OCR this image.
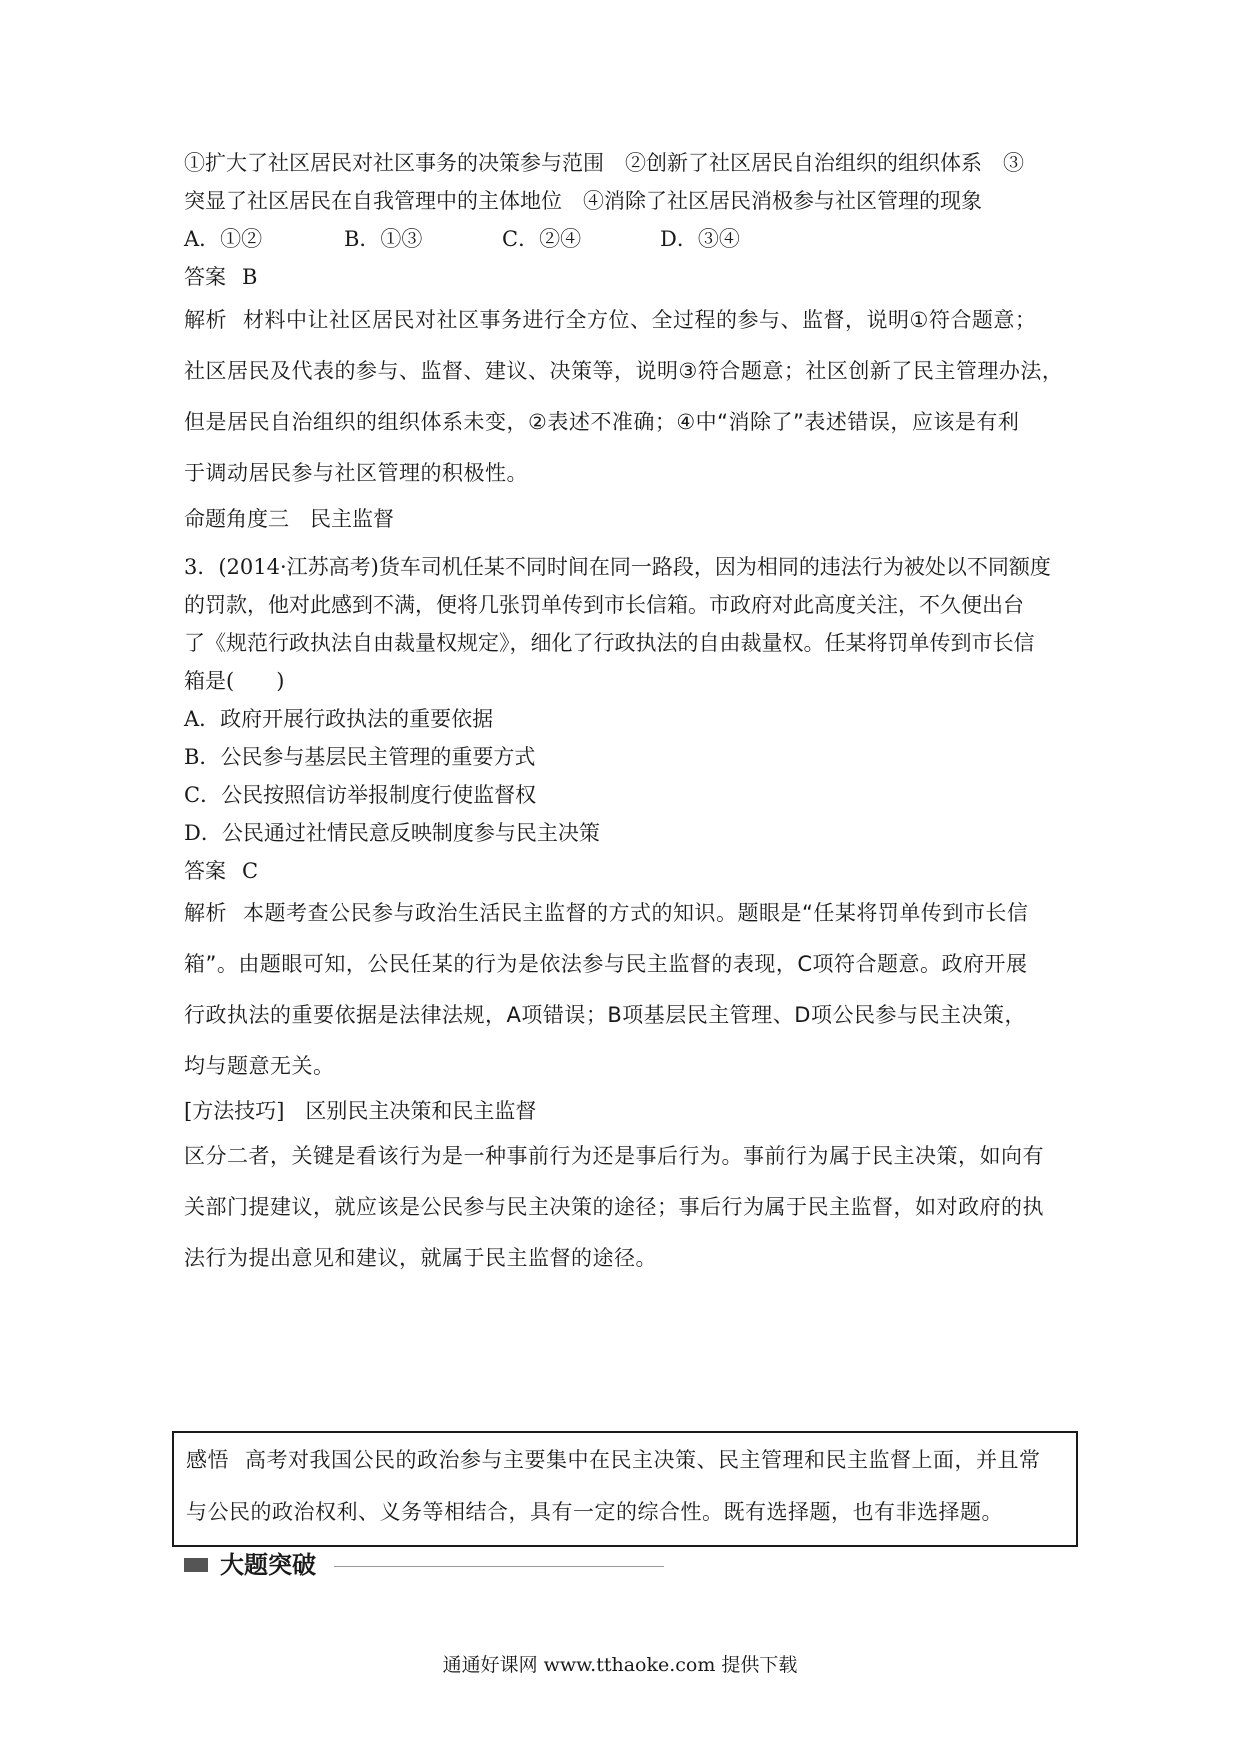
①扩大了社区居民对社区事务的决策参与范围　②创新了社区居民自治组织的组织体系　③
突显了社区居民在自我管理中的主体地位　④消除了社区居民消极参与社区管理的现象
A．①②	B．①③	C．②④	D．③④
答案 B
解析 材料中让社区居民对社区事务进行全方位、全过程的参与、监督，说明①符合题意；
社区居民及代表的参与、监督、建议、决策等，说明③符合题意；社区创新了民主管理办法，
但是居民自治组织的组织体系未变，②表述不准确；④中“消除了”表述错误，应该是有利
于调动居民参与社区管理的积极性。
命题角度三　民主监督
3．(2014·江苏高考)货车司机任某不同时间在同一路段，因为相同的违法行为被处以不同额度
的罚款，他对此感到不满，便将几张罚单传到市长信箱。市政府对此高度关注，不久便出台
了《规范行政执法自由裁量权规定》，细化了行政执法的自由裁量权。任某将罚单传到市长信
箱是(　　)
A．政府开展行政执法的重要依据
B．公民参与基层民主管理的重要方式
C．公民按照信访举报制度行使监督权
D．公民通过社情民意反映制度参与民主决策
答案 C
解析 本题考查公民参与政治生活民主监督的方式的知识。题眼是“任某将罚单传到市长信
箱”。由题眼可知，公民任某的行为是依法参与民主监督的表现，C项符合题意。政府开展
行政执法的重要依据是法律法规，A项错误；B项基层民主管理、D项公民参与民主决策，
均与题意无关。
[方法技巧]　区别民主决策和民主监督
区分二者，关键是看该行为是一种事前行为还是事后行为。事前行为属于民主决策，如向有
关部门提建议，就应该是公民参与民主决策的途径；事后行为属于民主监督，如对政府的执
法行为提出意见和建议，就属于民主监督的途径。
感悟 高考对我国公民的政治参与主要集中在民主决策、民主管理和民主监督上面，并且常
与公民的政治权利、义务等相结合，具有一定的综合性。既有选择题，也有非选择题。
大题突破
通通好课网 www.tthaoke.com 提供下载
